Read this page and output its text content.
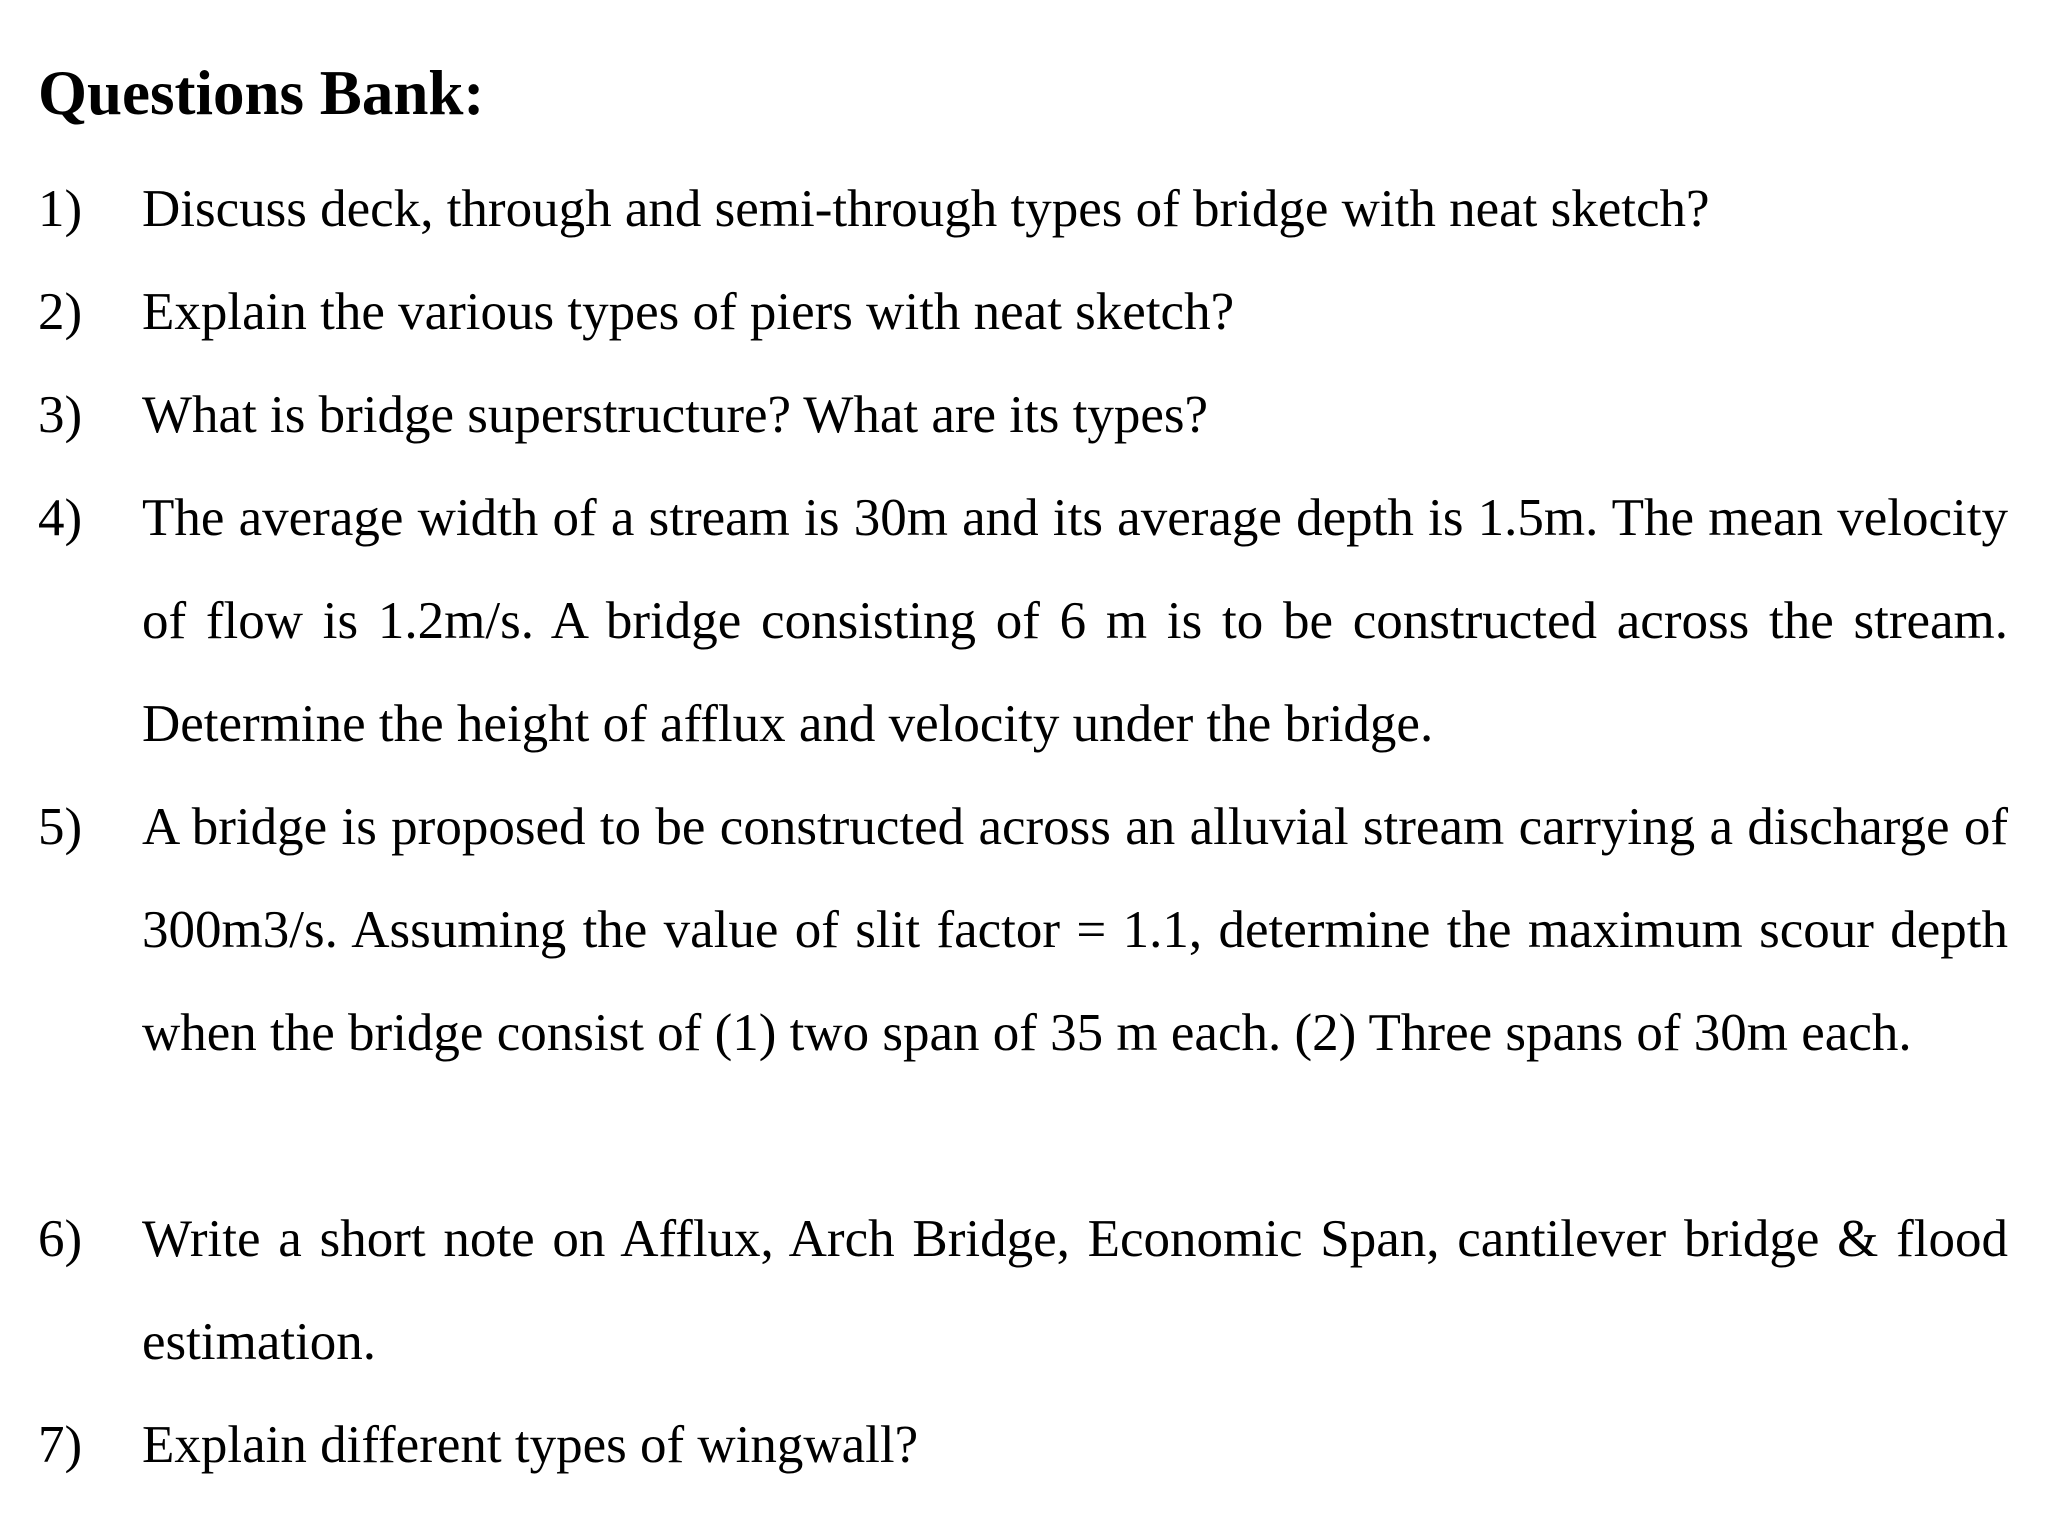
Questions Bank:
1) Discuss deck, through and semi-through types of bridge with neat sketch?
2) Explain the various types of piers with neat sketch?
3) What is bridge superstructure? What are its types?
4) The average width of a stream is 30m and its average depth is 1.5m. The mean velocity of flow is 1.2m/s. A bridge consisting of 6 m is to be constructed across the stream. Determine the height of afflux and velocity under the bridge.
5) A bridge is proposed to be constructed across an alluvial stream carrying a discharge of 300m3/s. Assuming the value of slit factor = 1.1, determine the maximum scour depth when the bridge consist of (1) two span of 35 m each. (2) Three spans of 30m each.
6) Write a short note on Afflux, Arch Bridge, Economic Span, cantilever bridge & flood estimation.
7) Explain different types of wingwall?
